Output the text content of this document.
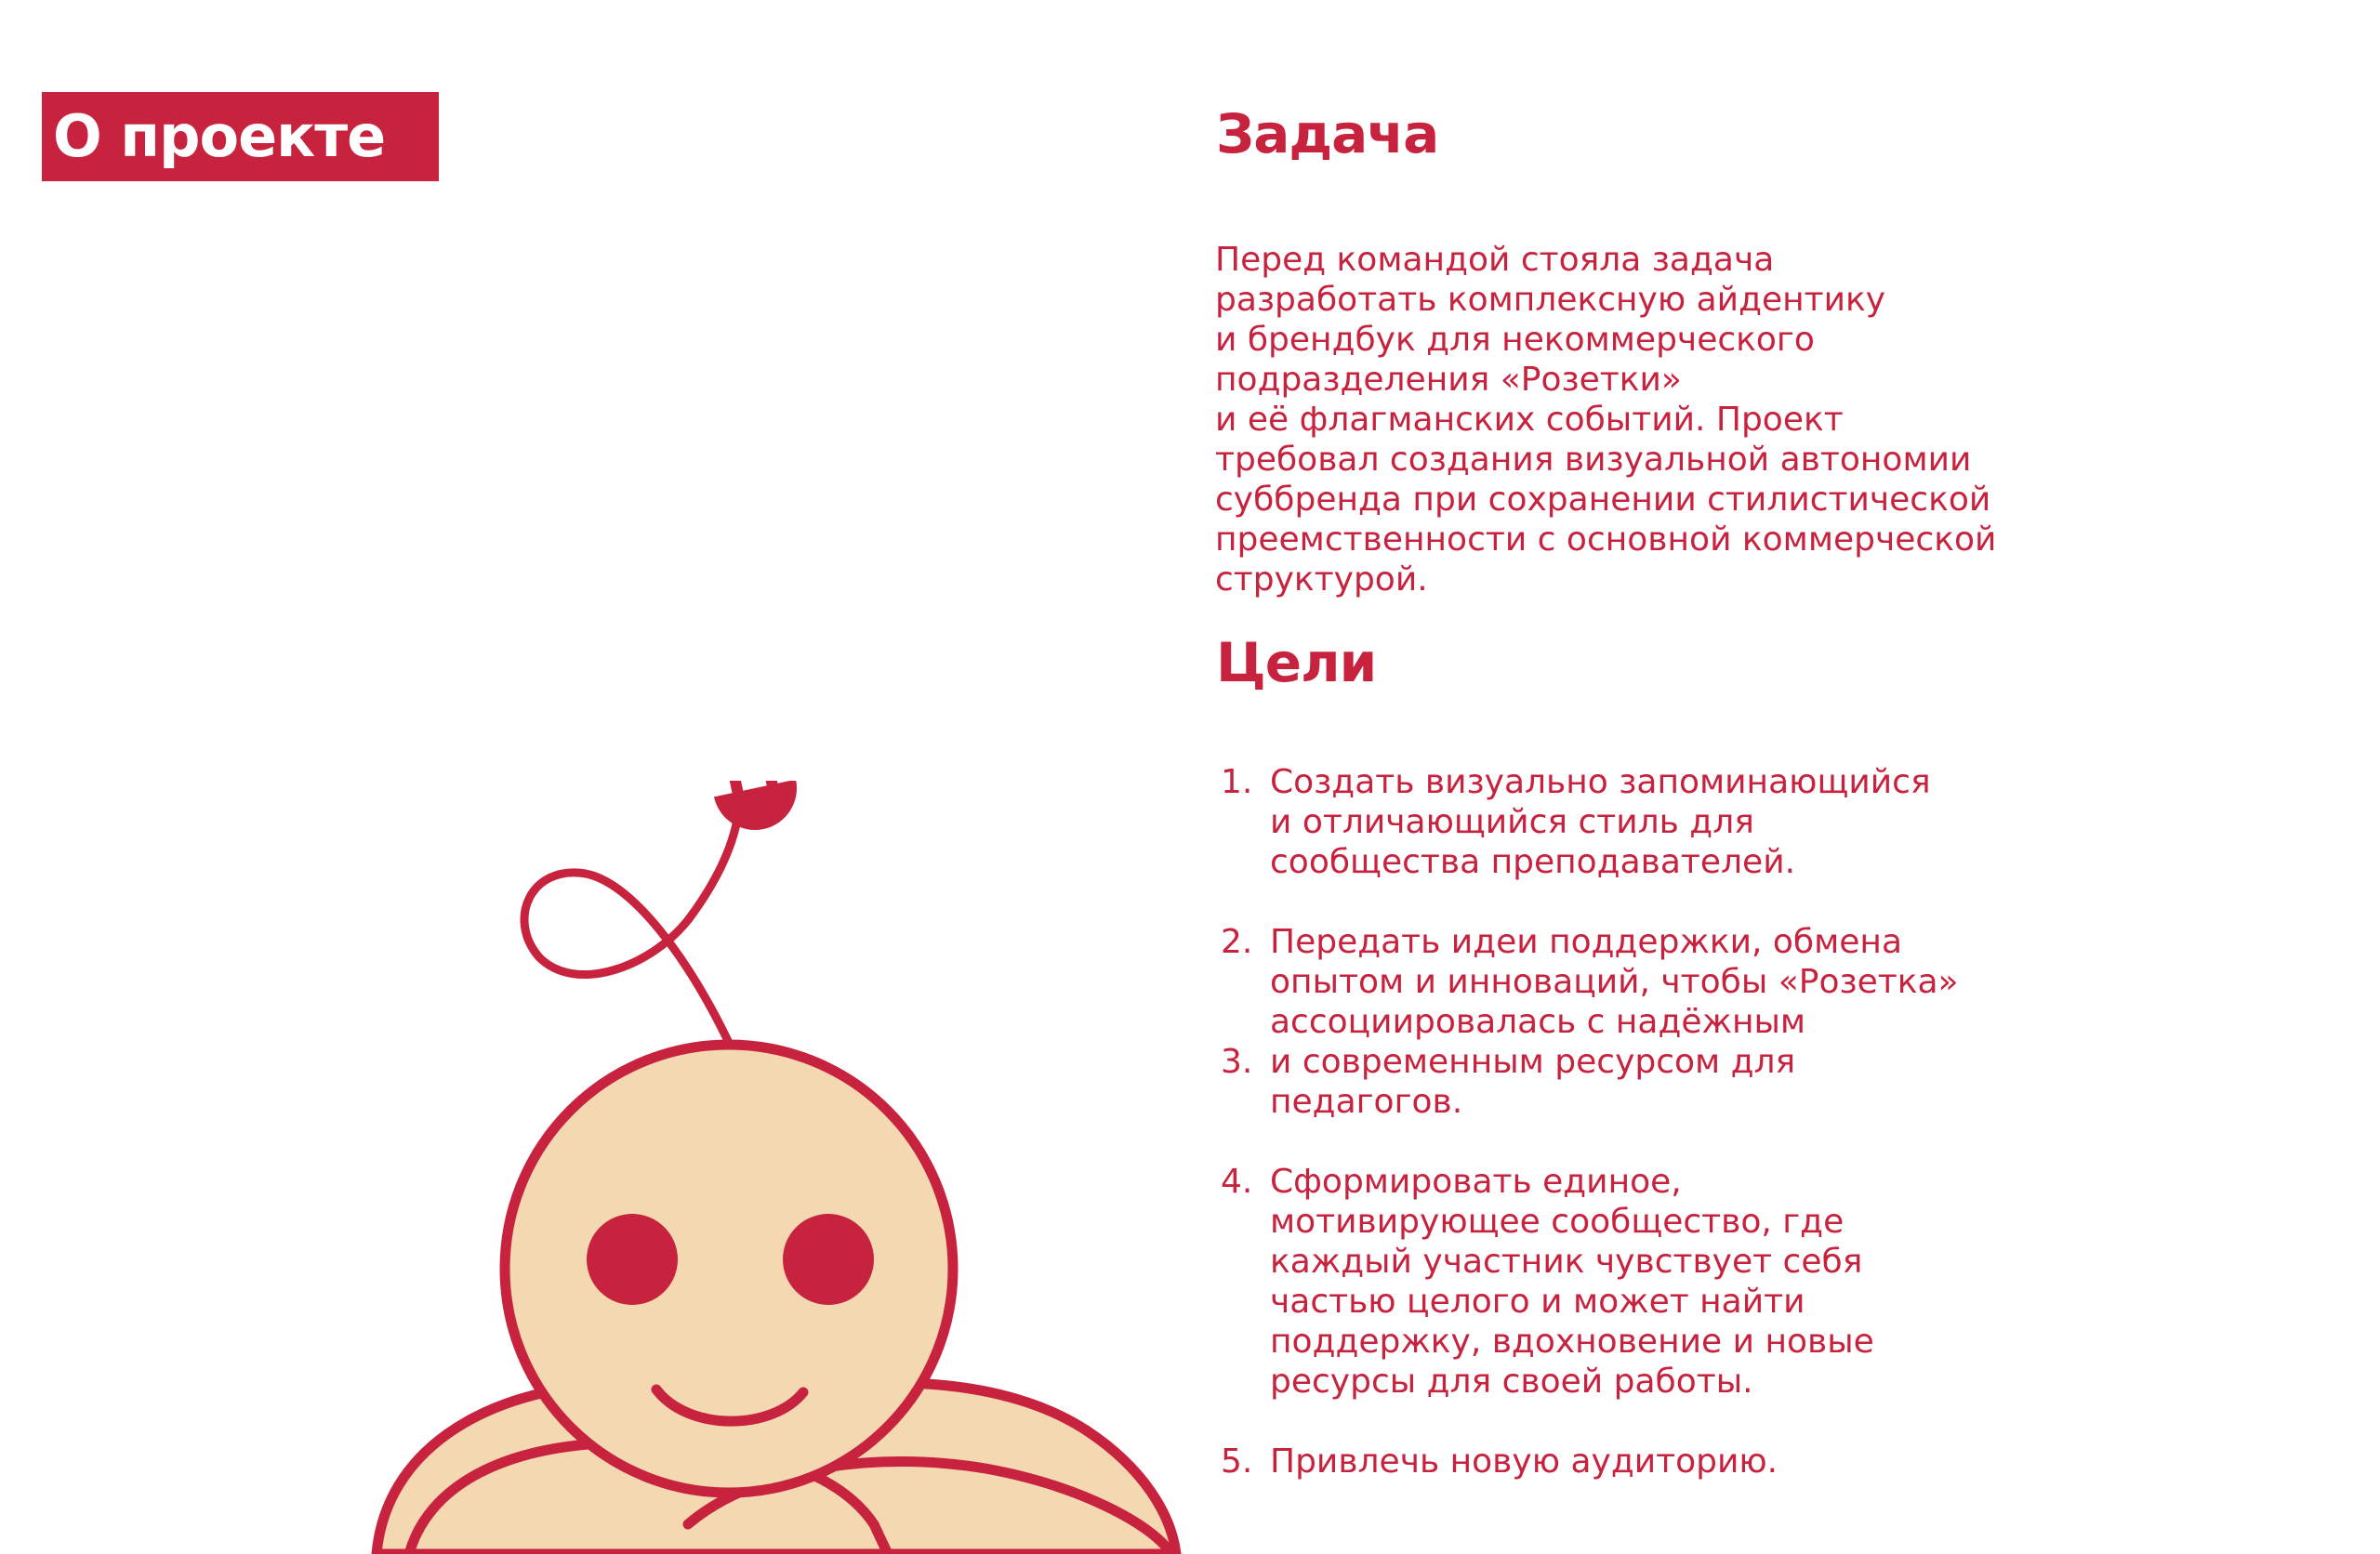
О проекте	Задача

Перед командой стояла задача
разработать комплексную айдентику
и брендбук для некоммерческого
подразделения «Розетки»
и её флагманских событий. Проект
требовал создания визуальной автономии
суббренда при сохранении стилистической
преемственности с основной коммерческой
структурой.

Цели
1. Создать визуально запоминающийся
и отличающийся стиль для
сообщества преподавателей.
2. Передать идеи поддержки, обмена
опытом и инноваций, чтобы «Розетка»
ассоциировалась с надёжным
3. и современным ресурсом для
педагогов.
4. Сформировать единое,
мотивирующее сообщество, где
каждый участник чувствует себя
частью целого и может найти
поддержку, вдохновение и новые
ресурсы для своей работы.
5. Привлечь новую аудиторию.
